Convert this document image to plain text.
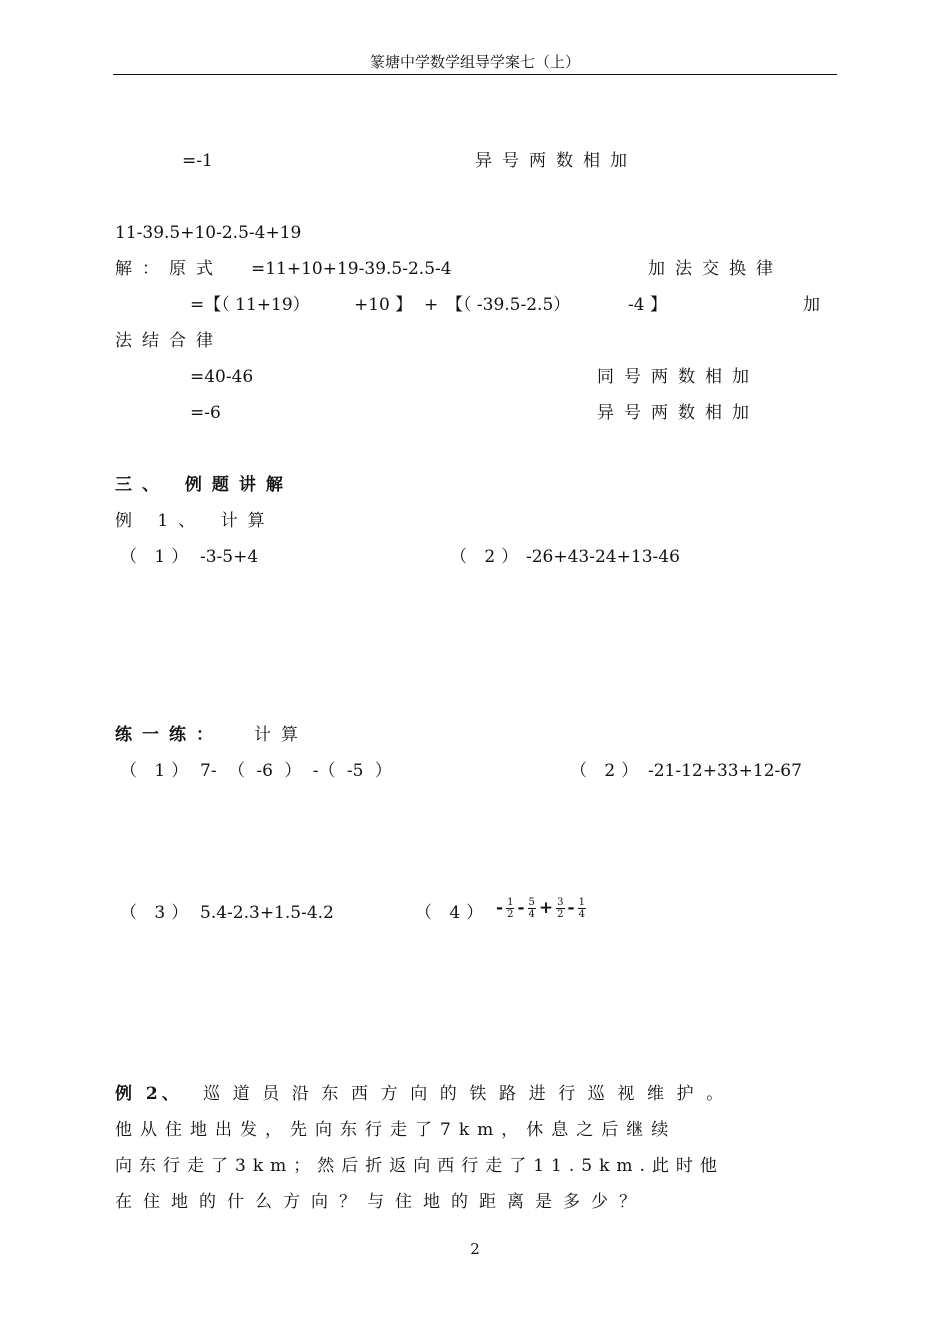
篆塘中学数学组导学案七（上）
=-1	异号两数相加
11-39.5+10-2.5-4+19
解：原式 =11+10+19-39.5-2.5-4	加法交换律
=【（ 11+19）	+10 】 + 【（ -39.5-2.5）	-4 】	加
法结合律
=40-46	同号两数相加
=-6	异号两数相加
三、 例题讲解
例 1、 计算
（ 1） -3-5+4	（ 2） -26+43-24+13-46
练一练： 计算
（ 1） 7- （ -6 ） -（ -5 ）	（ 2） -21-12+33+12-67
（ 3） 5.4-2.3+1.5-4.2	（ $4) - \frac{1}{2} - \frac{5}{4} + \frac{3}{2} - \frac{1}{4}$
例 2、 巡道员沿东西方向的铁路进行巡视维护。
他从住地出发，先向东行走了7km，休息之后继续
向东行走了3km；然后折返向西行走了11.5km.此时他
在住地的什么方向？与住地的距离是多少？
2
